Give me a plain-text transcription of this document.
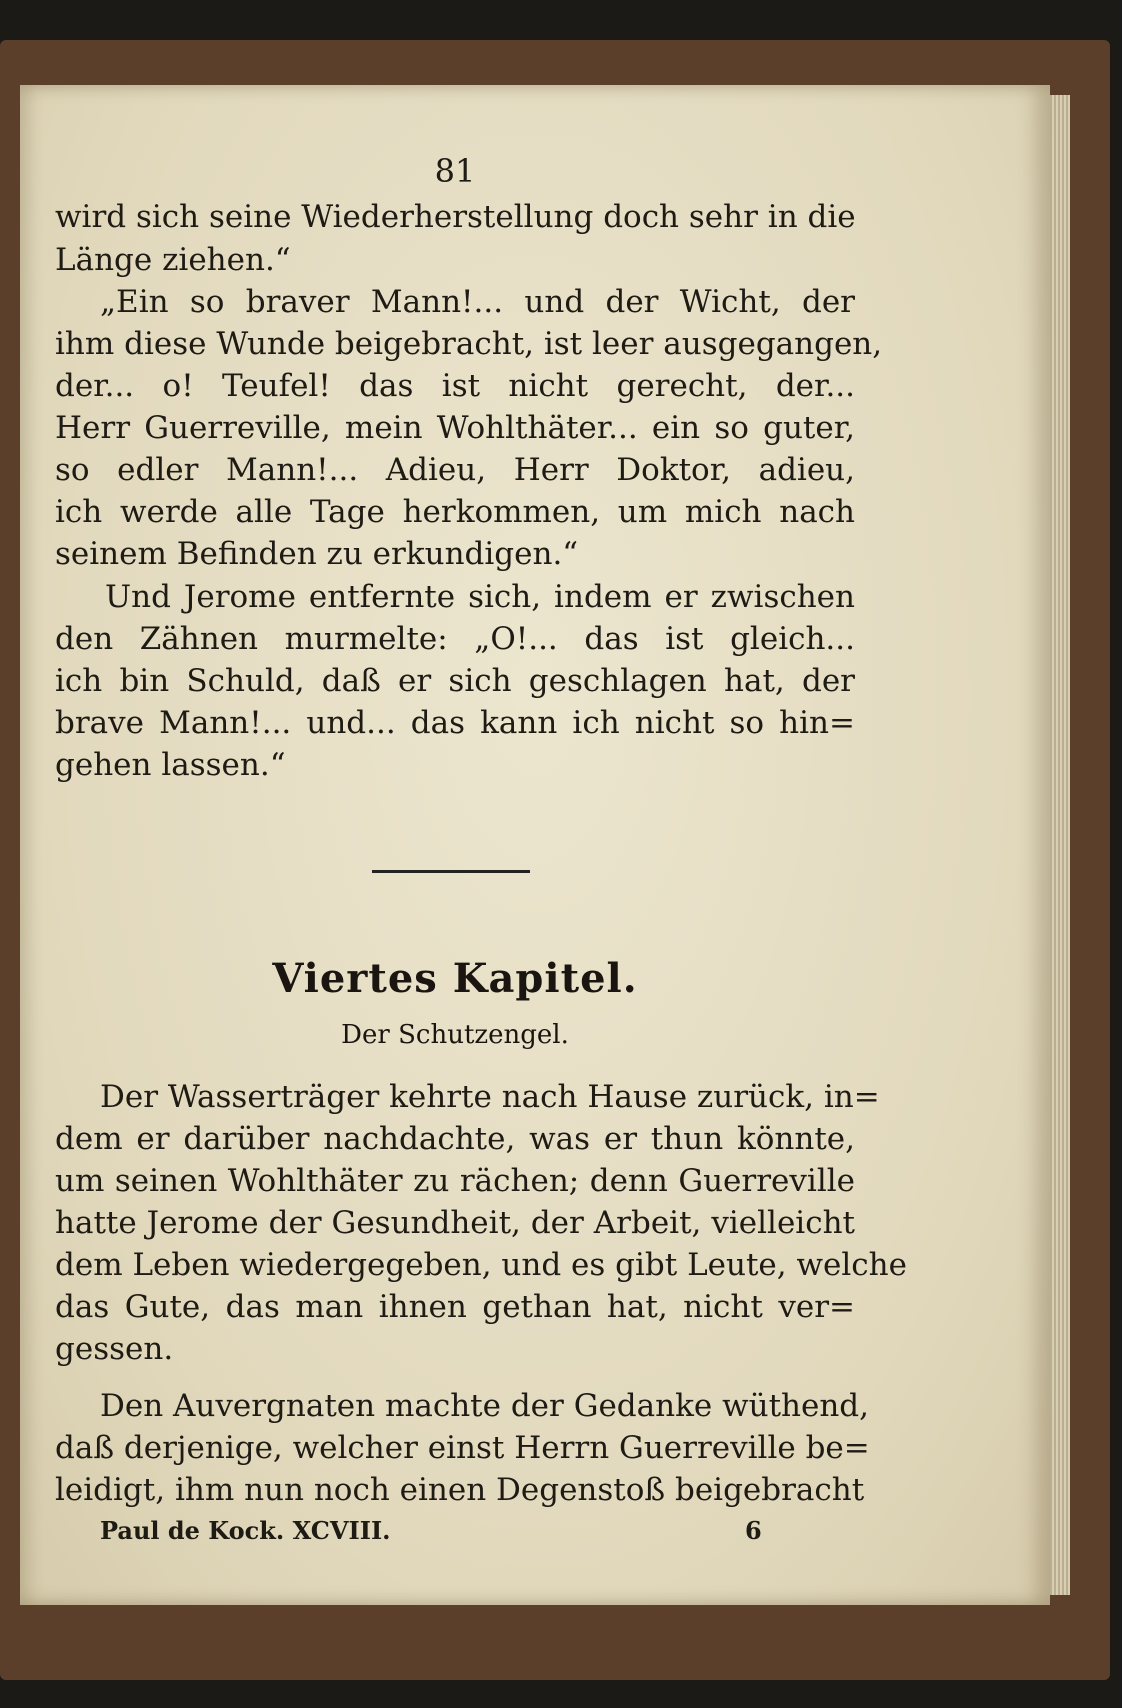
81
wird sich seine Wiederherstellung doch sehr in die
Länge ziehen.“
„Ein so braver Mann!... und der Wicht, der
ihm diese Wunde beigebracht, ist leer ausgegangen,
der... o! Teufel! das ist nicht gerecht, der...
Herr Guerreville, mein Wohlthäter... ein so guter,
so edler Mann!... Adieu, Herr Doktor, adieu,
ich werde alle Tage herkommen, um mich nach
seinem Befinden zu erkundigen.“
Und Jerome entfernte sich, indem er zwischen
den Zähnen murmelte: „O!... das ist gleich...
ich bin Schuld, daß er sich geschlagen hat, der
brave Mann!... und... das kann ich nicht so hin=
gehen lassen.“
Viertes Kapitel.
Der Schutzengel.
Der Wasserträger kehrte nach Hause zurück, in=
dem er darüber nachdachte, was er thun könnte,
um seinen Wohlthäter zu rächen; denn Guerreville
hatte Jerome der Gesundheit, der Arbeit, vielleicht
dem Leben wiedergegeben, und es gibt Leute, welche
das Gute, das man ihnen gethan hat, nicht ver=
gessen.
Den Auvergnaten machte der Gedanke wüthend,
daß derjenige, welcher einst Herrn Guerreville be=
leidigt, ihm nun noch einen Degenstoß beigebracht
Paul de Kock. XCVIII.	6
